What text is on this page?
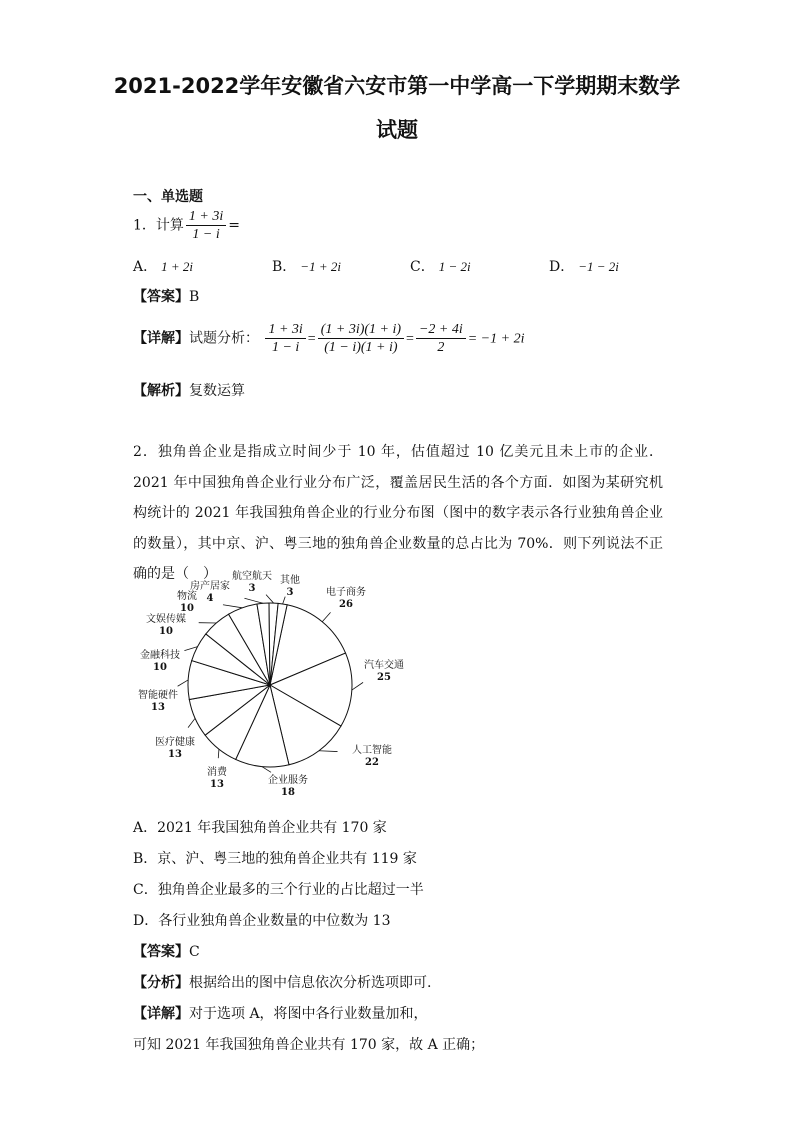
2021-2022学年安徽省六安市第一中学高一下学期期末数学
试题
一、单选题
1．计算 $\frac{1 + 3i}{1 - i}$ =
A． 1 + 2i	B． −1 + 2i	C． 1 − 2i	D． −1 − 2i
【答案】B
【详解】试题分析： $\frac{1 + 3i}{1 - i} = \frac{(1 + 3i)(1 + i)}{(1 - i)(1 + i)} = \frac{-2 + 4i}{2} = -1 + 2i$
【解析】复数运算
2．独角兽企业是指成立时间少于 10 年，估值超过 10 亿美元且未上市的企业．2021 年中国独角兽企业行业分布广泛，覆盖居民生活的各个方面．如图为某研究机构统计的 2021 年我国独角兽企业的行业分布图（图中的数字表示各行业独角兽企业的数量），其中京、沪、粤三地的独角兽企业数量的总占比为 70%．则下列说法不正确的是（　）
电子商务
26
汽车交通
25
人工智能
22
企业服务
18
消费
13
医疗健康
13
智能硬件
13
金融科技
10
文娱传媒
10
物流
10
房产居家
4
航空航天
3
其他
3
A．2021 年我国独角兽企业共有 170 家
B．京、沪、粤三地的独角兽企业共有 119 家
C．独角兽企业最多的三个行业的占比超过一半
D．各行业独角兽企业数量的中位数为 13
【答案】C
【分析】根据给出的图中信息依次分析选项即可.
【详解】对于选项 A，将图中各行业数量加和，
可知 2021 年我国独角兽企业共有 170 家，故 A 正确；
